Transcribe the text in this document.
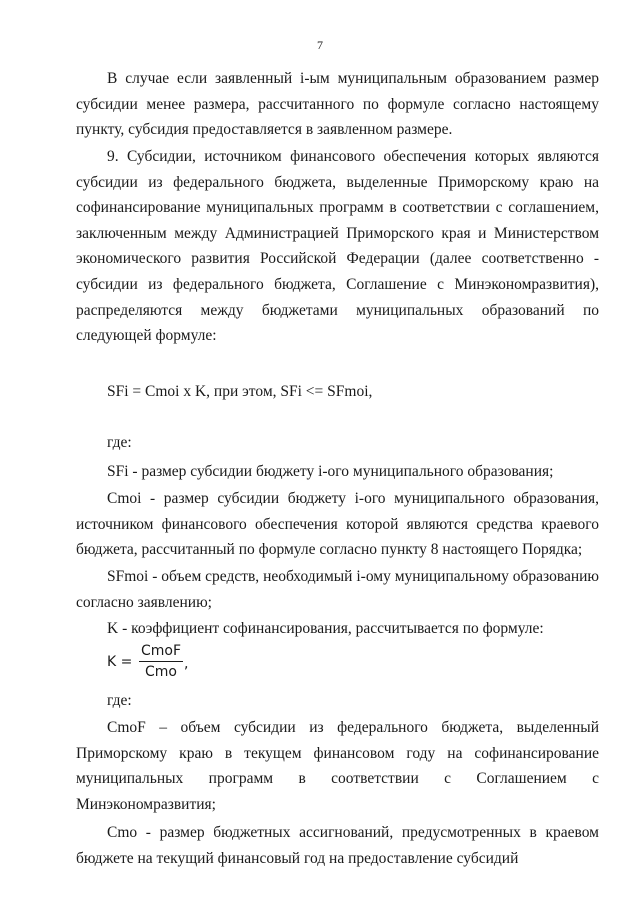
7
В случае если заявленный i-ым муниципальным образованием размер субсидии менее размера, рассчитанного по формуле согласно настоящему пункту, субсидия предоставляется в заявленном размере.
9. Субсидии, источником финансового обеспечения которых являются субсидии из федерального бюджета, выделенные Приморскому краю на софинансирование муниципальных программ в соответствии с соглашением, заключенным между Администрацией Приморского края и Министерством экономического развития Российской Федерации (далее соответственно - субсидии из федерального бюджета, Соглашение с Минэкономразвития), распределяются между бюджетами муниципальных образований по следующей формуле:
SFi = Cmoi х K, при этом, SFi <= SFmoi,
где:
SFi - размер субсидии бюджету i-ого муниципального образования;
Cmoi - размер субсидии бюджету i-ого муниципального образования, источником финансового обеспечения которой являются средства краевого бюджета, рассчитанный по формуле согласно пункту 8 настоящего Порядка;
SFmoi - объем средств, необходимый i-ому муниципальному образованию согласно заявлению;
K - коэффициент софинансирования, рассчитывается по формуле:
K =
CmoF
Cmo ,
где:
CmoF – объем субсидии из федерального бюджета, выделенный Приморскому краю в текущем финансовом году на софинансирование муниципальных программ в соответствии с Соглашением с Минэкономразвития;
Cmo - размер бюджетных ассигнований, предусмотренных в краевом бюджете на текущий финансовый год на предоставление субсидий
